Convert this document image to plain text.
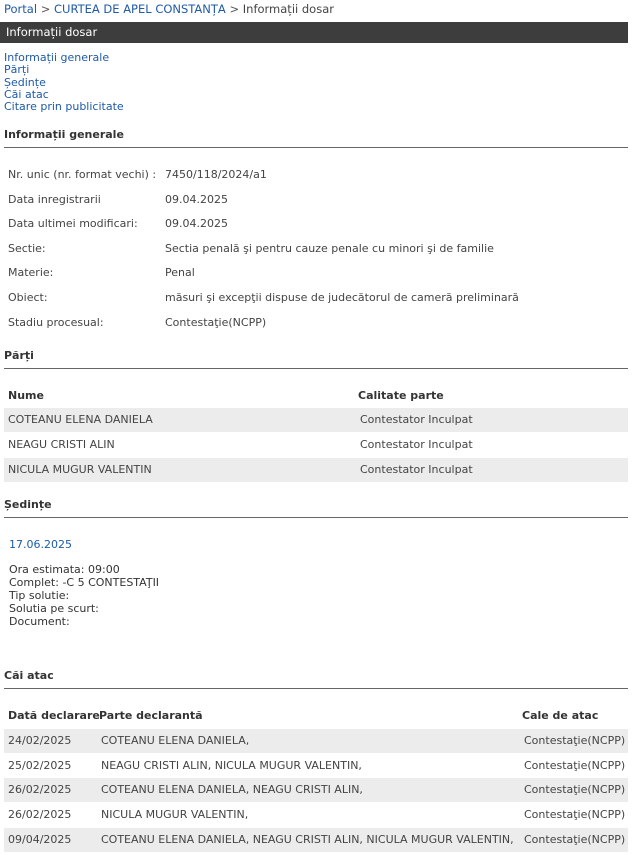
Portal > CURTEA DE APEL CONSTANȚA > Informații dosar
Informații dosar
Informații generale
Părți
Ședințe
Căi atac
Citare prin publicitate
Informații generale
Nr. unic (nr. format vechi) : 7450/118/2024/a1
Data inregistrarii	09.04.2025
Data ultimei modificari: 09.04.2025
Sectie:	Sectia penală şi pentru cauze penale cu minori şi de familie
Materie:	Penal
Obiect:	măsuri şi excepţii dispuse de judecătorul de cameră preliminară
Stadiu procesual:	Contestaţie(NCPP)
Părți
Nume	Calitate parte
COTEANU ELENA DANIELA	Contestator Inculpat
NEAGU CRISTI ALIN	Contestator Inculpat
NICULA MUGUR VALENTIN	Contestator Inculpat
Ședințe
17.06.2025
Ora estimata: 09:00
Complet: -C 5 CONTESTAŢII
Tip solutie:
Solutia pe scurt:
Document:
Căi atac
Dată declarare Parte declarantă	Cale de atac
24/02/2025	COTEANU ELENA DANIELA,	Contestaţie(NCPP)
25/02/2025	NEAGU CRISTI ALIN, NICULA MUGUR VALENTIN,	Contestaţie(NCPP)
26/02/2025	COTEANU ELENA DANIELA, NEAGU CRISTI ALIN,	Contestaţie(NCPP)
26/02/2025	NICULA MUGUR VALENTIN,	Contestaţie(NCPP)
09/04/2025	COTEANU ELENA DANIELA, NEAGU CRISTI ALIN, NICULA MUGUR VALENTIN, Contestaţie(NCPP)
